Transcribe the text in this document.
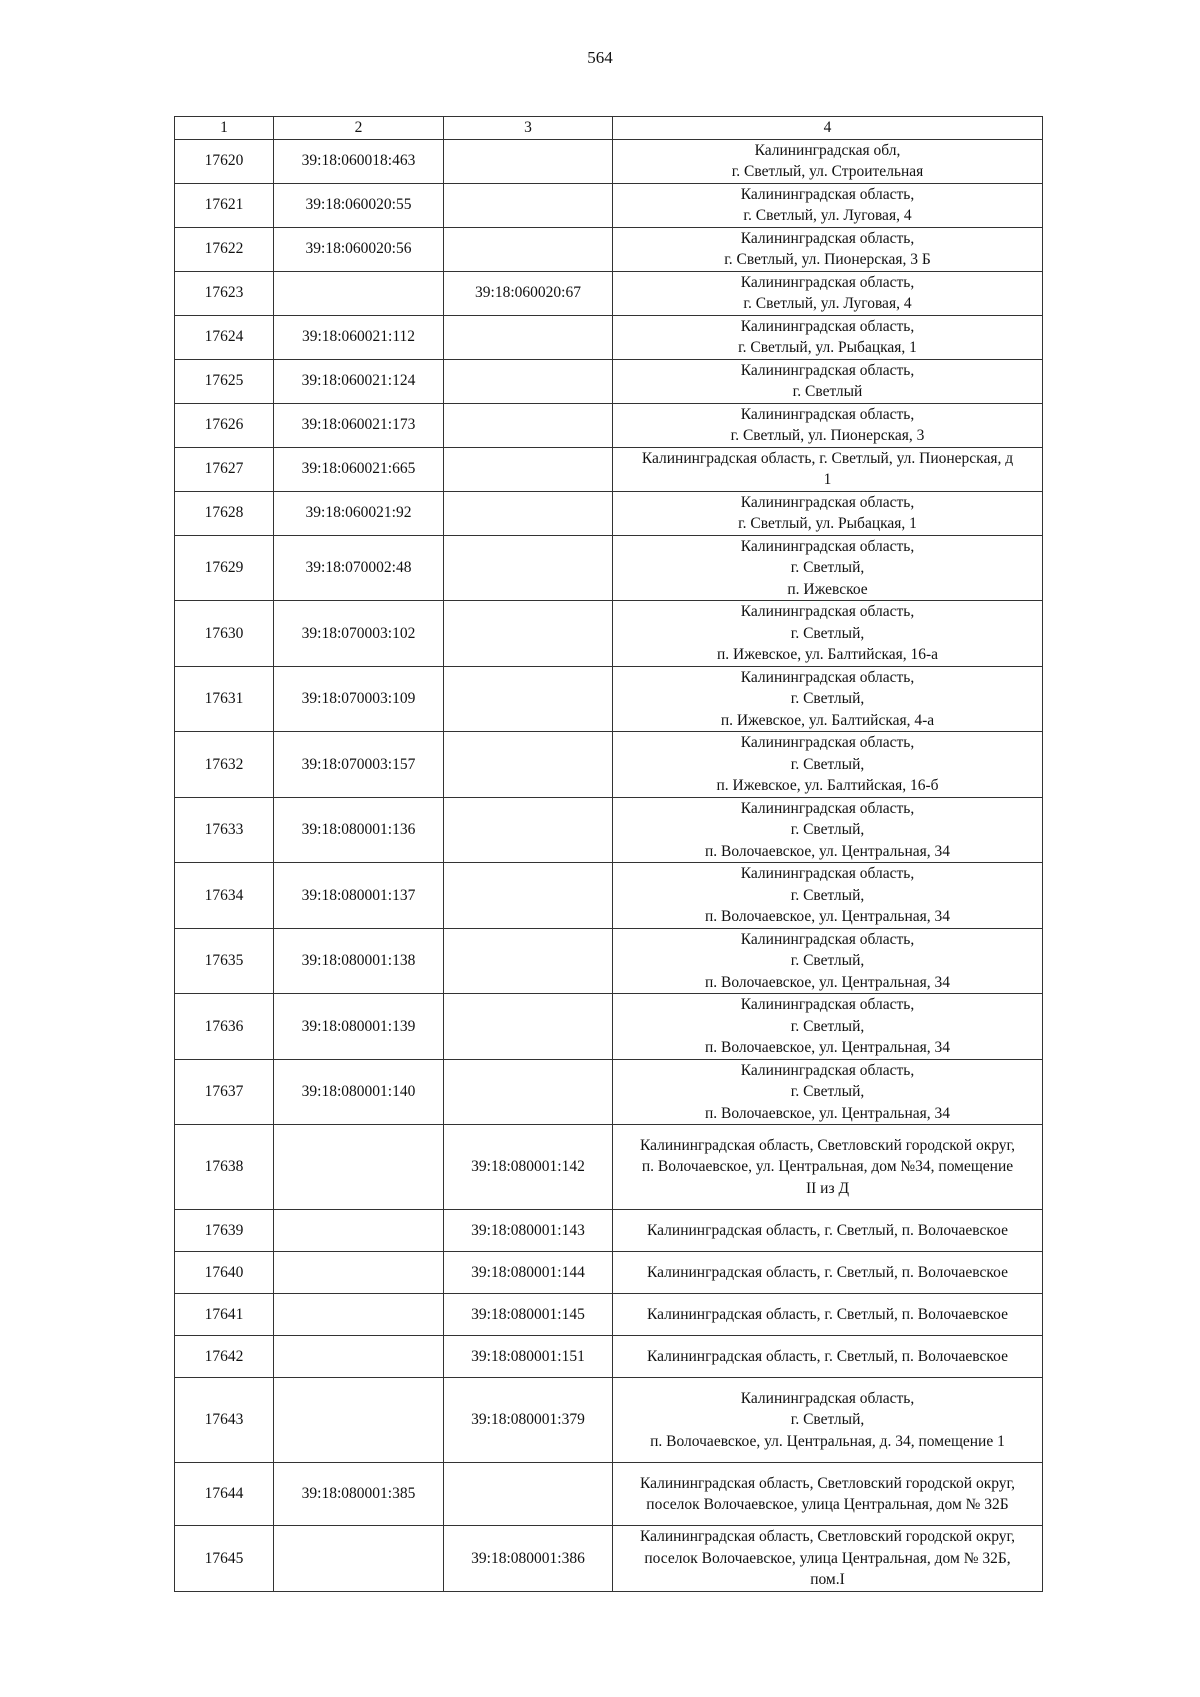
564
1	2	3	4
17620	39:18:060018:463		Калининградская обл,
г. Светлый, ул. Строительная

17621	39:18:060020:55		Калининградская область,
г. Светлый, ул. Луговая, 4

17622	39:18:060020:56		Калининградская область,
г. Светлый, ул. Пионерская, 3 Б

17623		39:18:060020:67	Калининградская область,
г. Светлый, ул. Луговая, 4

17624	39:18:060021:112		Калининградская область,
г. Светлый, ул. Рыбацкая, 1

17625	39:18:060021:124		Калининградская область,
г. Светлый

17626	39:18:060021:173		Калининградская область,
г. Светлый, ул. Пионерская, 3

17627	39:18:060021:665		Калининградская область, г. Светлый, ул. Пионерская, д
1

17628	39:18:060021:92		Калининградская область,
г. Светлый, ул. Рыбацкая, 1

17629	39:18:070002:48		Калининградская область,
г. Светлый,
п. Ижевское

17630	39:18:070003:102		Калининградская область,
г. Светлый,
п. Ижевское, ул. Балтийская, 16-а

17631	39:18:070003:109		Калининградская область,
г. Светлый,
п. Ижевское, ул. Балтийская, 4-а

17632	39:18:070003:157		Калининградская область,
г. Светлый,
п. Ижевское, ул. Балтийская, 16-б

17633	39:18:080001:136		Калининградская область,
г. Светлый,
п. Волочаевское, ул. Центральная, 34

17634	39:18:080001:137		Калининградская область,
г. Светлый,
п. Волочаевское, ул. Центральная, 34

17635	39:18:080001:138		Калининградская область,
г. Светлый,
п. Волочаевское, ул. Центральная, 34

17636	39:18:080001:139		Калининградская область,
г. Светлый,
п. Волочаевское, ул. Центральная, 34

17637	39:18:080001:140		Калининградская область,
г. Светлый,
п. Волочаевское, ул. Центральная, 34

17638		39:18:080001:142	Калининградская область, Светловский городской округ,
п. Волочаевское, ул. Центральная, дом №34, помещение
II из Д

17639		39:18:080001:143	Калининградская область, г. Светлый, п. Волочаевское

17640		39:18:080001:144	Калининградская область, г. Светлый, п. Волочаевское

17641		39:18:080001:145	Калининградская область, г. Светлый, п. Волочаевское

17642		39:18:080001:151	Калининградская область, г. Светлый, п. Волочаевское

17643		39:18:080001:379	Калининградская область,
г. Светлый,
п. Волочаевское, ул. Центральная, д. 34, помещение 1

17644	39:18:080001:385		Калининградская область, Светловский городской округ,
поселок Волочаевское, улица Центральная, дом № 32Б

17645		39:18:080001:386	Калининградская область, Светловский городской округ,
поселок Волочаевское, улица Центральная, дом № 32Б,
пом.I
